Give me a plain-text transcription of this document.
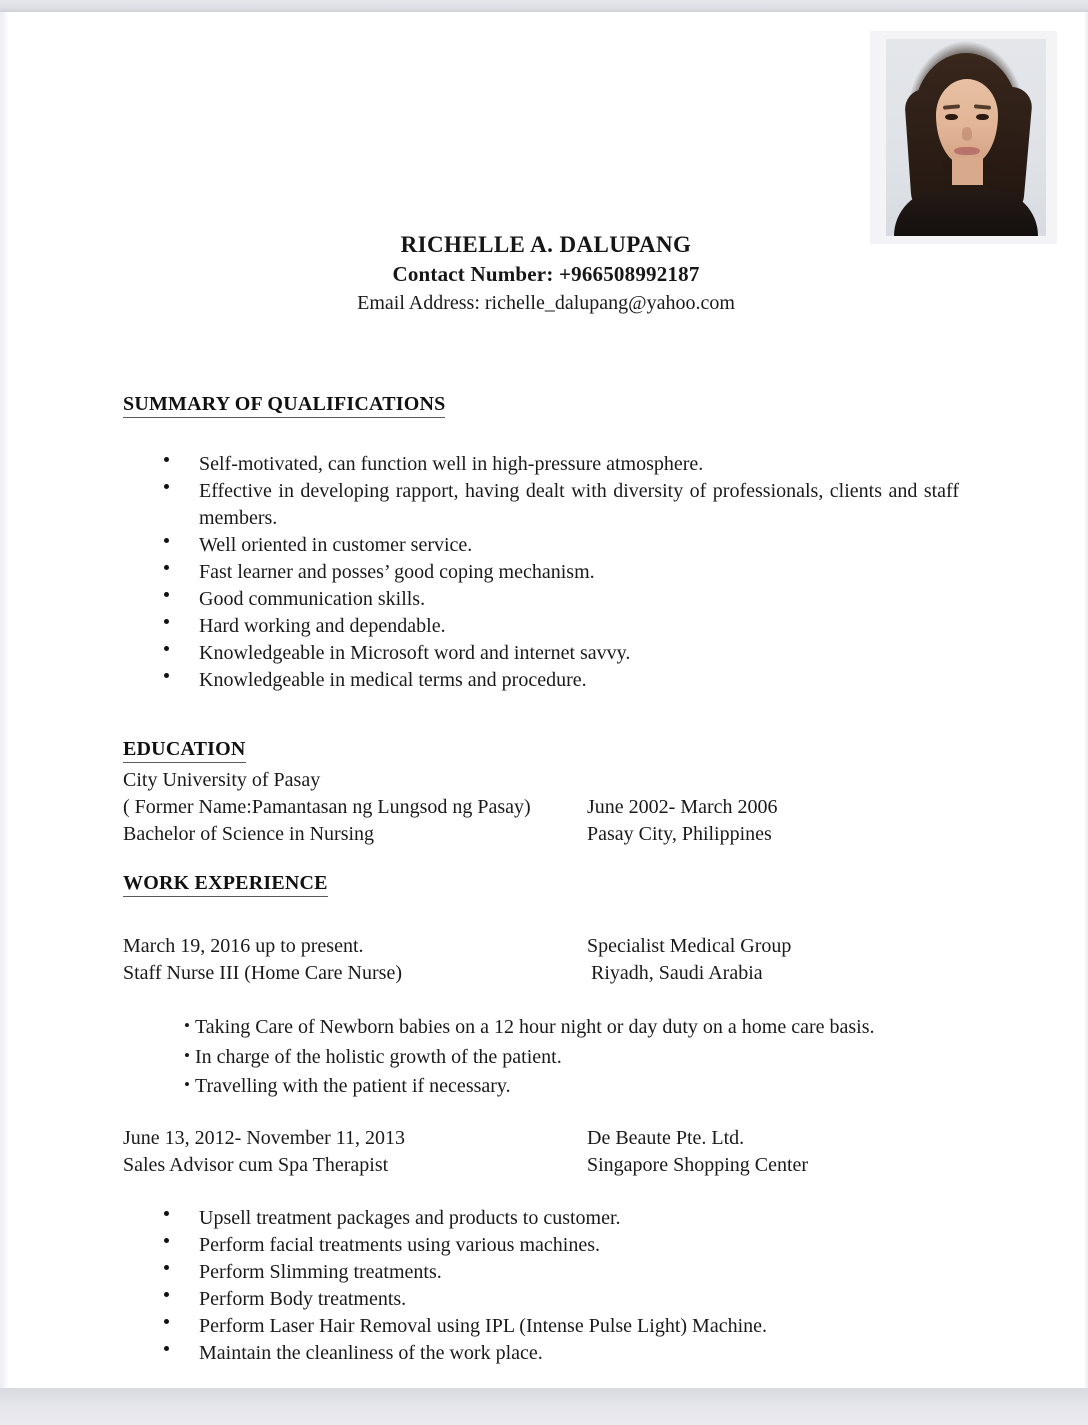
RICHELLE A. DALUPANG
Contact Number: +966508992187
Email Address: richelle_dalupang@yahoo.com
SUMMARY OF QUALIFICATIONS
Self-motivated, can function well in high-pressure atmosphere.
Effective in developing rapport, having dealt with diversity of professionals, clients and staff members.
Well oriented in customer service.
Fast learner and posses’ good coping mechanism.
Good communication skills.
Hard working and dependable.
Knowledgeable in Microsoft word and internet savvy.
Knowledgeable in medical terms and procedure.
EDUCATION
City University of Pasay
( Former Name:Pamantasan ng Lungsod ng Pasay)	June 2002- March 2006
Bachelor of Science in Nursing	Pasay City, Philippines
WORK EXPERIENCE
March 19, 2016 up to present.	Specialist Medical Group
Staff Nurse III (Home Care Nurse)	Riyadh, Saudi Arabia
• Taking Care of Newborn babies on a 12 hour night or day duty on a home care basis.
• In charge of the holistic growth of the patient.
• Travelling with the patient if necessary.
June 13, 2012- November 11, 2013	De Beaute Pte. Ltd.
Sales Advisor cum Spa Therapist	Singapore Shopping Center
Upsell treatment packages and products to customer.
Perform facial treatments using various machines.
Perform Slimming treatments.
Perform Body treatments.
Perform Laser Hair Removal using IPL (Intense Pulse Light) Machine.
Maintain the cleanliness of the work place.
